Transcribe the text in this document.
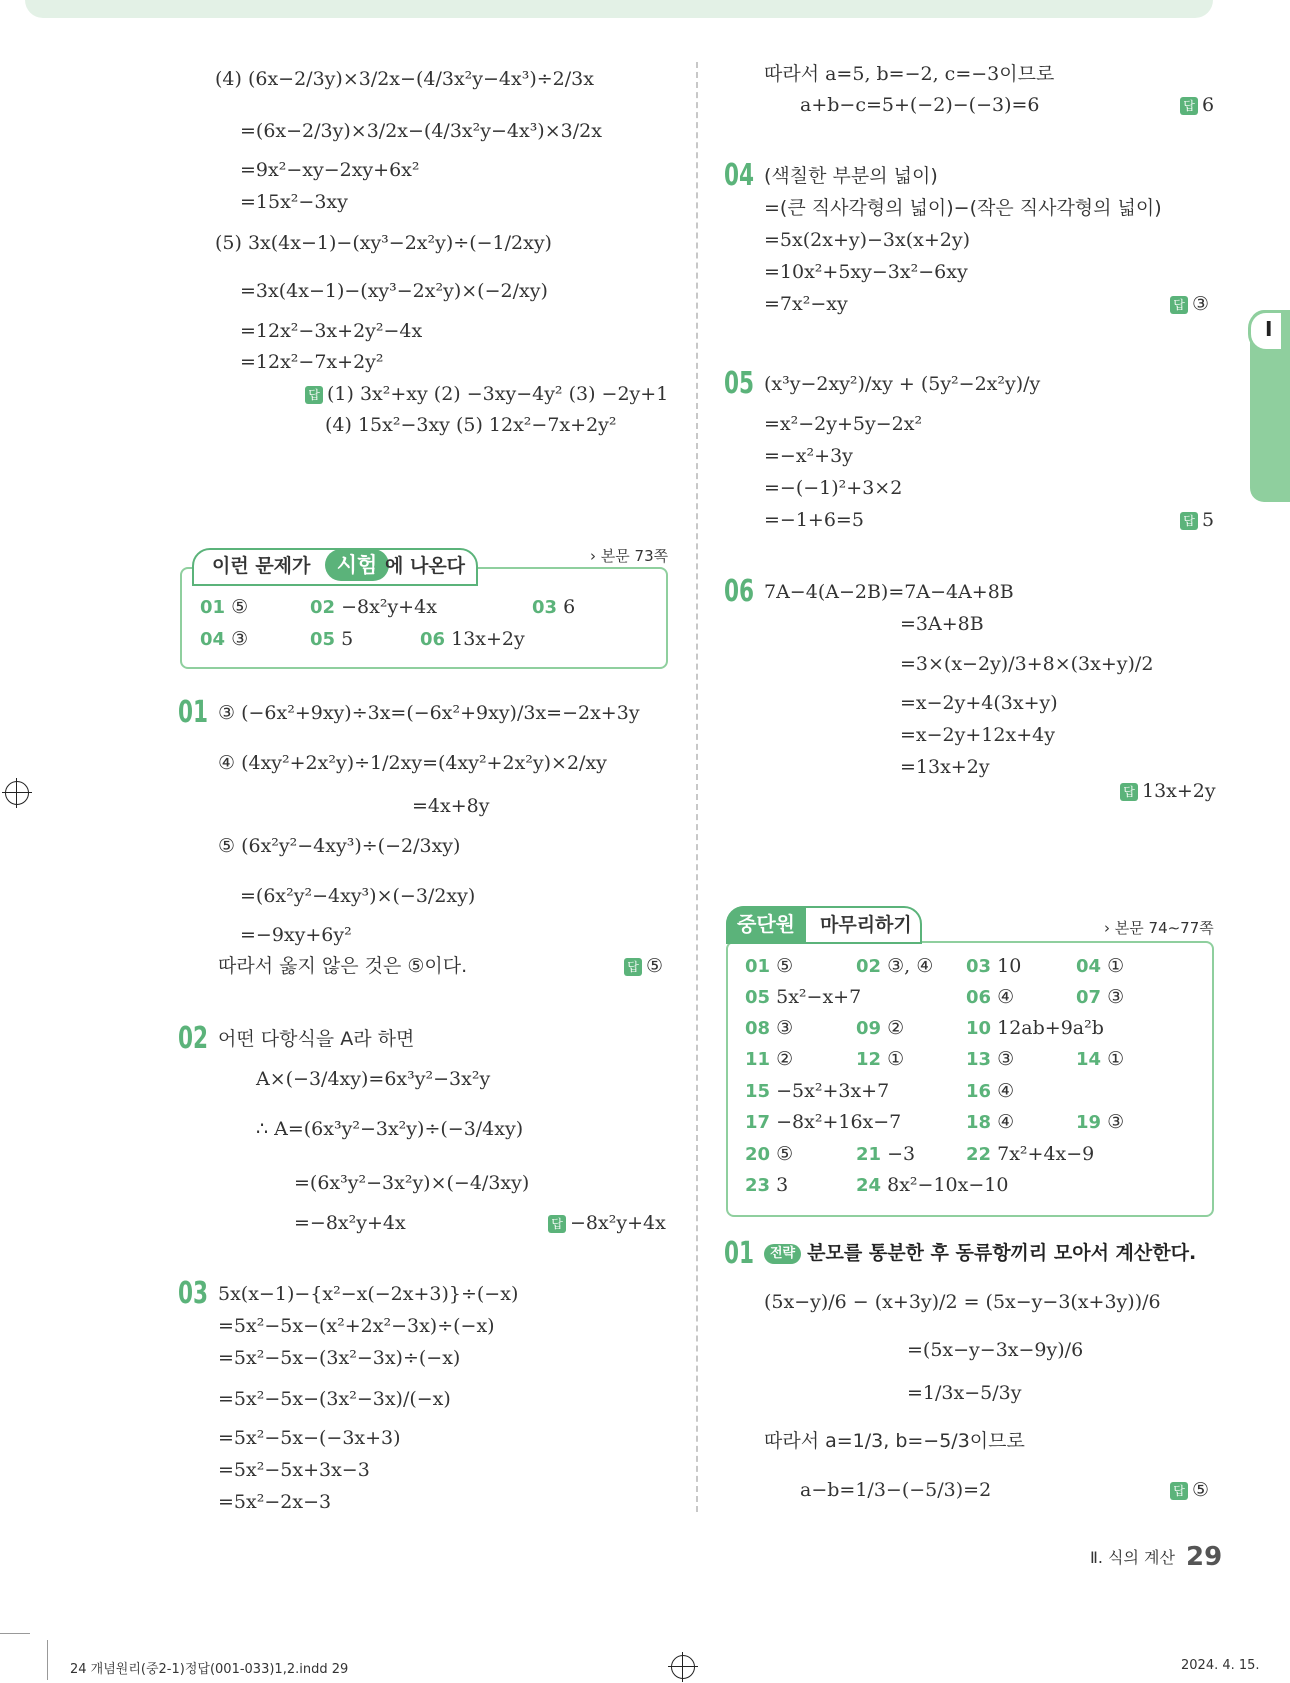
I
(4) (6x−2/3y)×3/2x−(4/3x²y−4x³)÷2/3x
=(6x−2/3y)×3/2x−(4/3x²y−4x³)×3/2x
=9x²−xy−2xy+6x²
=15x²−3xy
(5) 3x(4x−1)−(xy³−2x²y)÷(−1/2xy)
=3x(4x−1)−(xy³−2x²y)×(−2/xy)
=12x²−3x+2y²−4x
=12x²−7x+2y²
답 (1) 3x²+xy (2) −3xy−4y² (3) −2y+1
(4) 15x²−3xy (5) 12x²−7x+2y²
이런 문제가	시험 에 나온다	› 본문 73쪽
01 ⑤	02 −8x²y+4x	03 6
04 ③	05 5	06 13x+2y
01 ③ (−6x²+9xy)÷3x=(−6x²+9xy)/3x=−2x+3y
④ (4xy²+2x²y)÷1/2xy=(4xy²+2x²y)×2/xy
=4x+8y
⑤ (6x²y²−4xy³)÷(−2/3xy)
=(6x²y²−4xy³)×(−3/2xy)
=−9xy+6y²
따라서 옳지 않은 것은 ⑤이다.	답 ⑤
02 어떤 다항식을 A라 하면
A×(−3/4xy)=6x³y²−3x²y
∴ A=(6x³y²−3x²y)÷(−3/4xy)
=(6x³y²−3x²y)×(−4/3xy)
=−8x²y+4x	답 −8x²y+4x
03 5x(x−1)−{x²−x(−2x+3)}÷(−x)
=5x²−5x−(x²+2x²−3x)÷(−x)
=5x²−5x−(3x²−3x)÷(−x)
=5x²−5x−(3x²−3x)/(−x)
=5x²−5x−(−3x+3)
=5x²−5x+3x−3
=5x²−2x−3
따라서 a=5, b=−2, c=−3이므로
a+b−c=5+(−2)−(−3)=6	답 6
04 (색칠한 부분의 넓이)
=(큰 직사각형의 넓이)−(작은 직사각형의 넓이)
=5x(2x+y)−3x(x+2y)
=10x²+5xy−3x²−6xy
=7x²−xy	답 ③
05 (x³y−2xy²)/xy + (5y²−2x²y)/y
=x²−2y+5y−2x²
=−x²+3y
=−(−1)²+3×2
=−1+6=5	답 5
06 7A−4(A−2B)=7A−4A+8B
=3A+8B
=3×(x−2y)/3+8×(3x+y)/2
=x−2y+4(3x+y)
=x−2y+12x+4y
=13x+2y
답 13x+2y
중단원	마무리하기	› 본문 74∼77쪽
01 ⑤	02 ③, ④ 03 10	04 ①
05 5x²−x+7	06 ④	07 ③
08 ③	09 ②	10 12ab+9a²b
11 ②	12 ①	13 ③	14 ①
15 −5x²+3x+7	16 ④
17 −8x²+16x−7	18 ④	19 ③
20 ⑤	21 −3	22 7x²+4x−9
23 3	24 8x²−10x−10
01	전략 분모를 통분한 후 동류항끼리 모아서 계산한다.
(5x−y)/6 − (x+3y)/2 = (5x−y−3(x+3y))/6
=(5x−y−3x−9y)/6
=1/3x−5/3y
따라서 a=1/3, b=−5/3이므로
a−b=1/3−(−5/3)=2	답 ⑤
Ⅱ. 식의 계산 29
24 개념원리(중2-1)정답(001-033)1,2.indd 29	2024. 4. 15.
